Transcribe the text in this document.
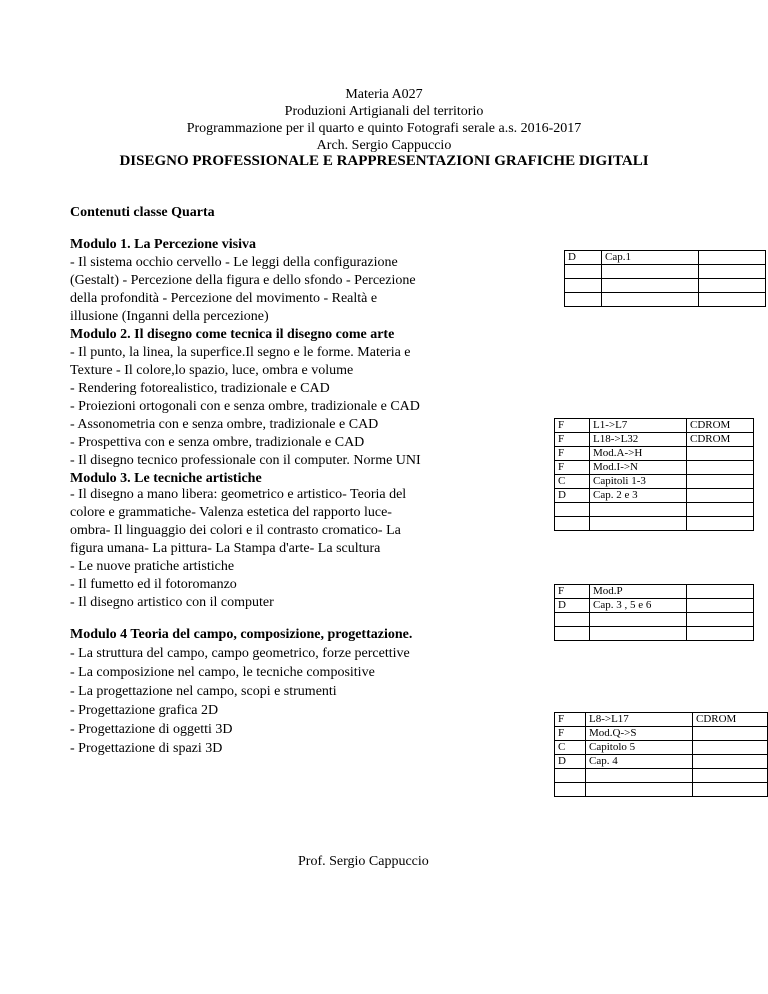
Materia A027
Produzioni Artigianali del territorio
Programmazione per il quarto e quinto Fotografi serale a.s. 2016-2017
Arch. Sergio Cappuccio
DISEGNO PROFESSIONALE E RAPPRESENTAZIONI GRAFICHE DIGITALI
Contenuti classe Quarta
Modulo 1. La Percezione visiva
- Il sistema occhio cervello - Le leggi della configurazione
(Gestalt) - Percezione della figura e dello sfondo - Percezione
della profondità - Percezione del movimento - Realtà e
illusione (Inganni della percezione)
Modulo 2. Il disegno come tecnica il disegno come arte
- Il punto, la linea, la superfice.Il segno e le forme. Materia e
Texture - Il colore,lo spazio, luce, ombra e volume
- Rendering fotorealistico, tradizionale e CAD
- Proiezioni ortogonali con e senza ombre, tradizionale e CAD
- Assonometria con e senza ombre, tradizionale e CAD
- Prospettiva con e senza ombre, tradizionale e CAD
- Il disegno tecnico professionale con il computer. Norme UNI
Modulo 3. Le tecniche artistiche
- Il disegno a mano libera: geometrico e artistico- Teoria del
colore e grammatiche- Valenza estetica del rapporto luce-
ombra- Il linguaggio dei colori e il contrasto cromatico- La
figura umana- La pittura- La Stampa d'arte- La scultura
- Le nuove pratiche artistiche
- Il fumetto ed il fotoromanzo
- Il disegno artistico con il computer
Modulo 4 Teoria del campo, composizione, progettazione.
- La struttura del campo, campo geometrico, forze percettive
- La composizione nel campo, le tecniche compositive
- La progettazione nel campo, scopi e strumenti
- Progettazione grafica 2D
- Progettazione di oggetti 3D
- Progettazione di spazi 3D
D	Cap.1	

F	L1->L7	CDROM
F	L18->L32	CDROM
F	Mod.A->H	
F	Mod.I->N	
C	Capitoli 1-3	
D	Cap. 2 e 3	

F	Mod.P	
D	Cap. 3 , 5 e 6	

F	L8->L17	CDROM
F	Mod.Q->S	
C	Capitolo 5	
D	Cap. 4	

Prof. Sergio Cappuccio
